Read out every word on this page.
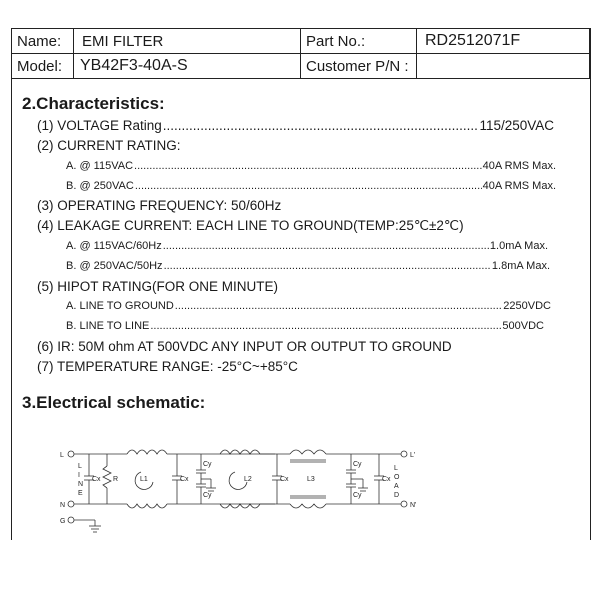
Name:	EMI FILTER	Part No.:	RD2512071F
Model:	YB42F3-40A-S	Customer P/N :	
2.Characteristics:
(1) VOLTAGE Rating .....	115/250VAC
(2) CURRENT RATING:
A. @ 115VAC .....	40A RMS Max.
B. @ 250VAC .....	40A RMS Max.
(3) OPERATING FREQUENCY: 50/60Hz
(4) LEAKAGE CURRENT: EACH LINE TO GROUND(TEMP:25℃±2℃)
A. @ 115VAC/60Hz .....	1.0mA Max.
B. @ 250VAC/50Hz .....	1.8mA Max.
(5) HIPOT RATING(FOR ONE MINUTE)
A. LINE TO GROUND .....	2250VDC
B. LINE TO LINE .....	500VDC
(6) IR: 50M ohm AT 500VDC ANY INPUT OR OUTPUT TO GROUND
(7) TEMPERATURE RANGE: -25°C~+85°C
3.Electrical schematic:
L
N
G
L
I
N
E
Cx R	L1	Cx
Cy
Cy
L2	Cx	L3
Cy
Cy
Cx
L
O
A
D
L'
N'
